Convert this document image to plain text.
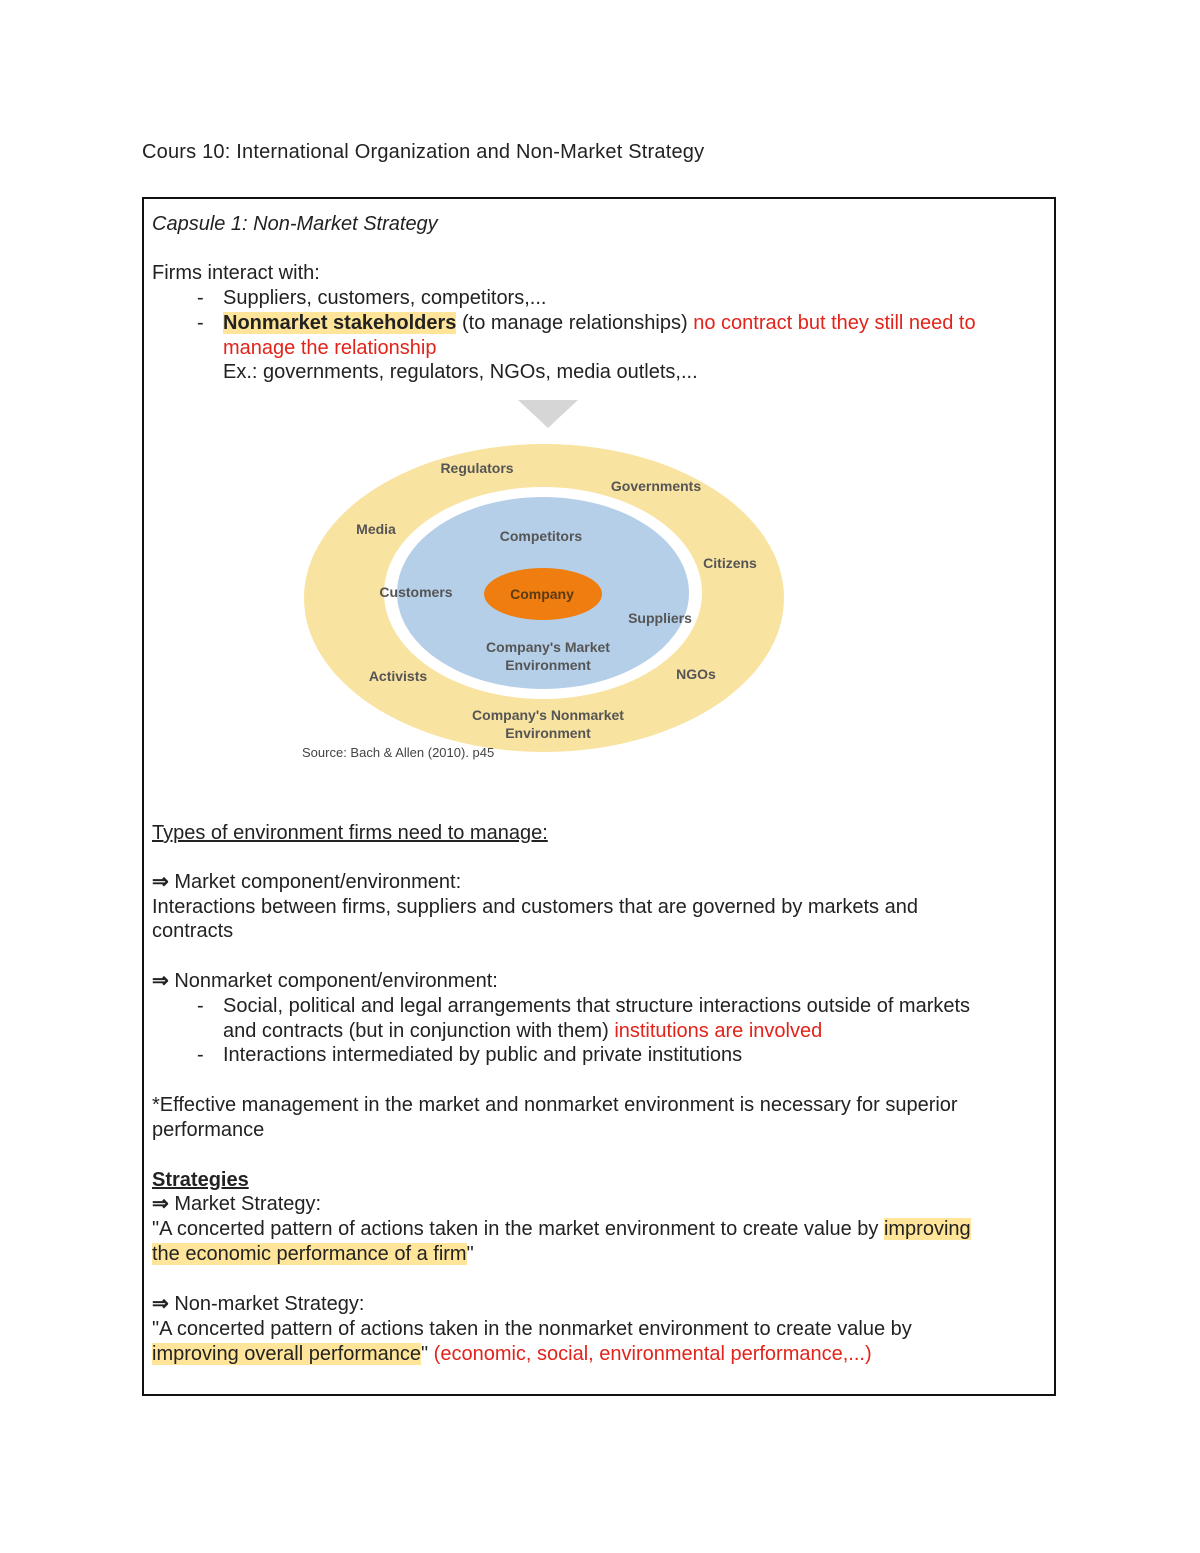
Cours 10: International Organization and Non-Market Strategy
Capsule 1: Non-Market Strategy
Firms interact with:
- Suppliers, customers, competitors,...
- Nonmarket stakeholders (to manage relationships) no contract but they still need to
manage the relationship
Ex.: governments, regulators, NGOs, media outlets,...
Regulators
Governments
Media
Citizens
Competitors
Customers	Company
Suppliers
Company's Market
Environment
Activists	NGOs
Company's Nonmarket
Environment
Source: Bach & Allen (2010). p45
Types of environment firms need to manage:
⇒ Market component/environment:
Interactions between firms, suppliers and customers that are governed by markets and
contracts
⇒ Nonmarket component/environment:
- Social, political and legal arrangements that structure interactions outside of markets
and contracts (but in conjunction with them) institutions are involved
- Interactions intermediated by public and private institutions
*Effective management in the market and nonmarket environment is necessary for superior
performance
Strategies
⇒ Market Strategy:
"A concerted pattern of actions taken in the market environment to create value by improving
the economic performance of a firm"
⇒ Non-market Strategy:
"A concerted pattern of actions taken in the nonmarket environment to create value by
improving overall performance" (economic, social, environmental performance,...)
